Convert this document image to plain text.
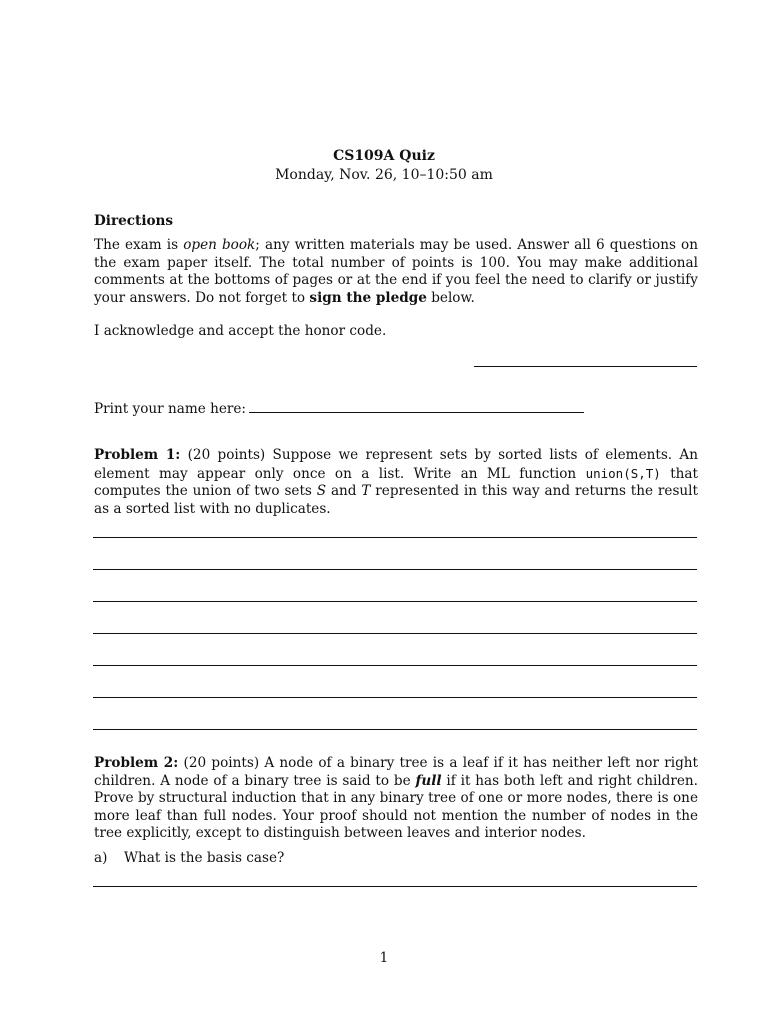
CS109A Quiz
Monday, Nov. 26, 10–10:50 am
Directions

The exam is open book; any written materials may be used. Answer all 6 questions on the exam paper itself. The total number of points is 100. You may make additional comments at the bottoms of pages or at the end if you feel the need to clarify or justify your answers. Do not forget to sign the pledge below.

I acknowledge and accept the honor code.
Print your name here:

Problem 1: (20 points) Suppose we represent sets by sorted lists of elements. An element may appear only once on a list. Write an ML function union(S,T) that computes the union of two sets S and T represented in this way and returns the result as a sorted list with no duplicates.

Problem 2: (20 points) A node of a binary tree is a leaf if it has neither left nor right children. A node of a binary tree is said to be full if it has both left and right children. Prove by structural induction that in any binary tree of one or more nodes, there is one more leaf than full nodes. Your proof should not mention the number of nodes in the tree explicitly, except to distinguish between leaves and interior nodes.

a) What is the basis case?
1
